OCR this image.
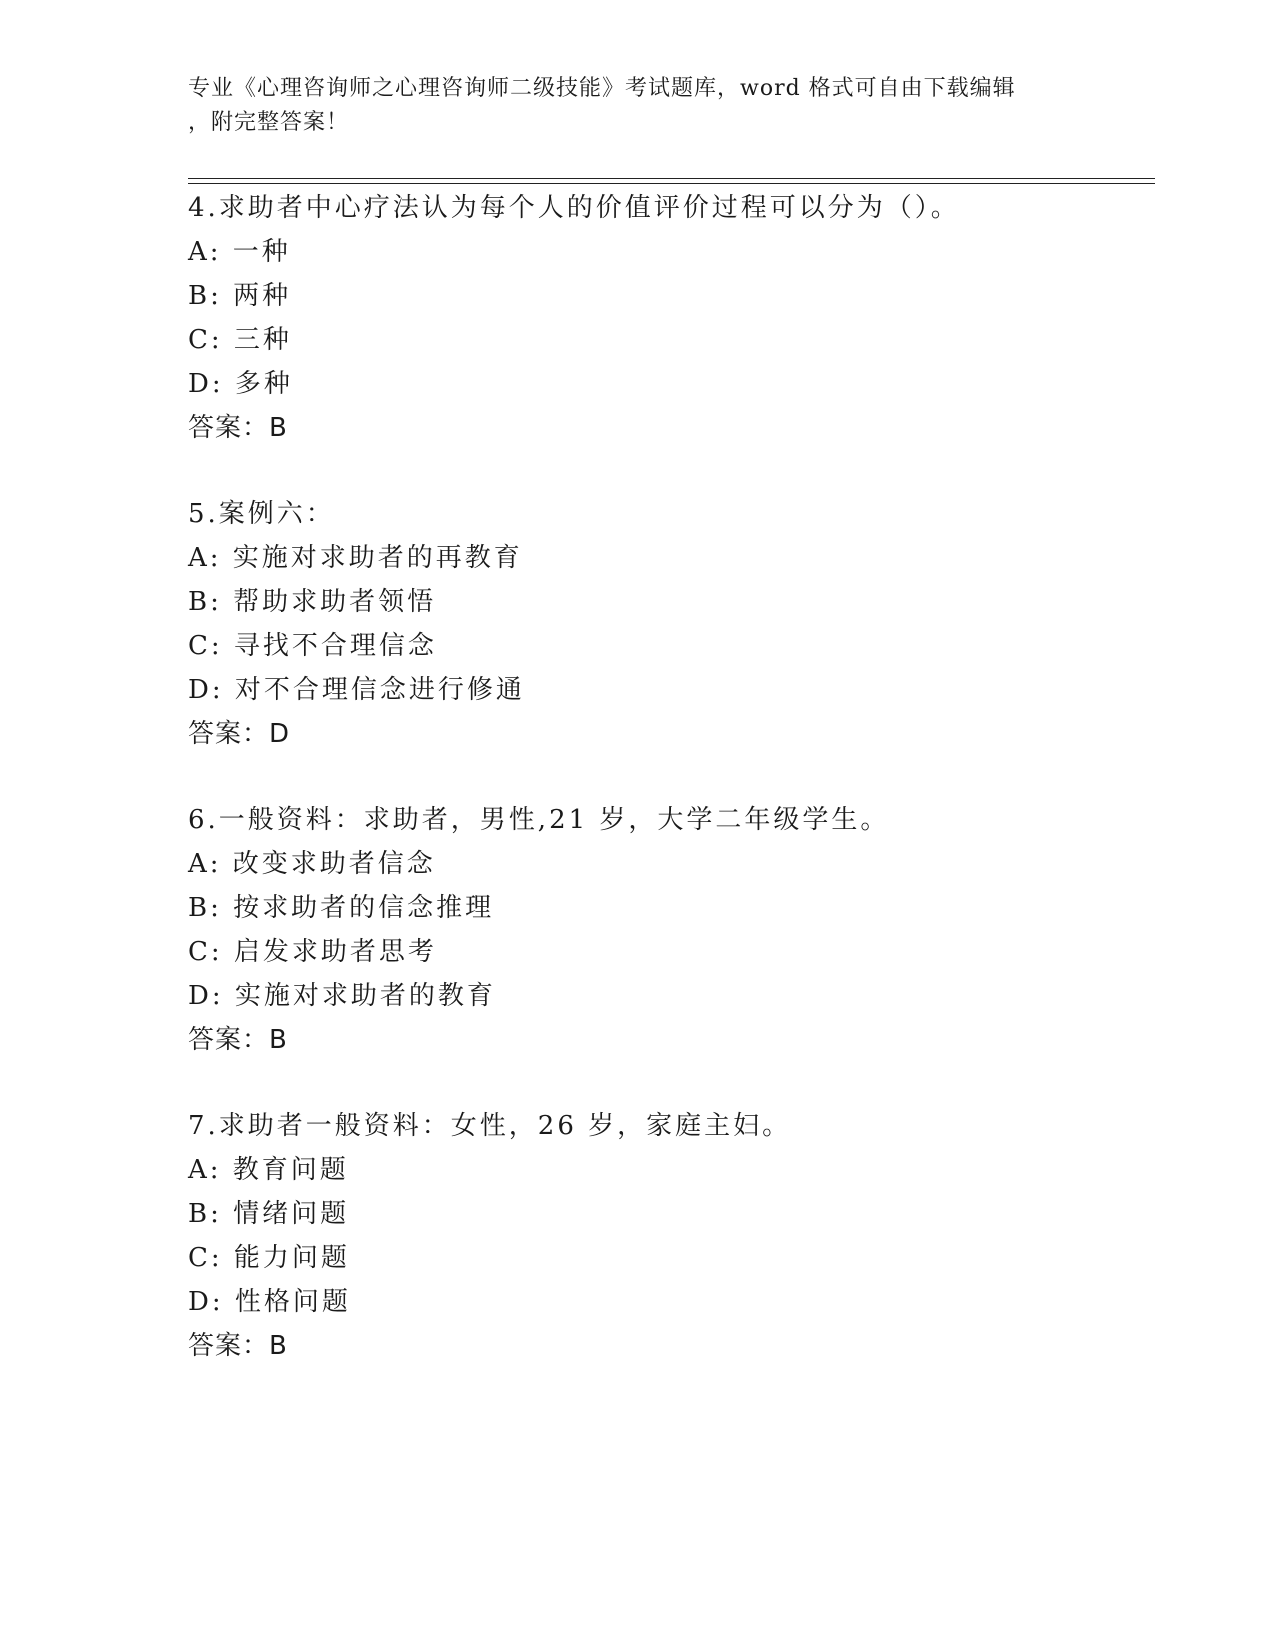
专业《心理咨询师之心理咨询师二级技能》考试题库，word 格式可自由下载编辑
，附完整答案！
4.求助者中心疗法认为每个人的价值评价过程可以分为（）。
A: 一种
B: 两种
C: 三种
D: 多种
答案：B
5.案例六：
A: 实施对求助者的再教育
B: 帮助求助者领悟
C: 寻找不合理信念
D: 对不合理信念进行修通
答案：D
6.一般资料：求助者，男性,21 岁，大学二年级学生。
A: 改变求助者信念
B: 按求助者的信念推理
C: 启发求助者思考
D: 实施对求助者的教育
答案：B
7.求助者一般资料：女性，26 岁，家庭主妇。
A: 教育问题
B: 情绪问题
C: 能力问题
D: 性格问题
答案：B
